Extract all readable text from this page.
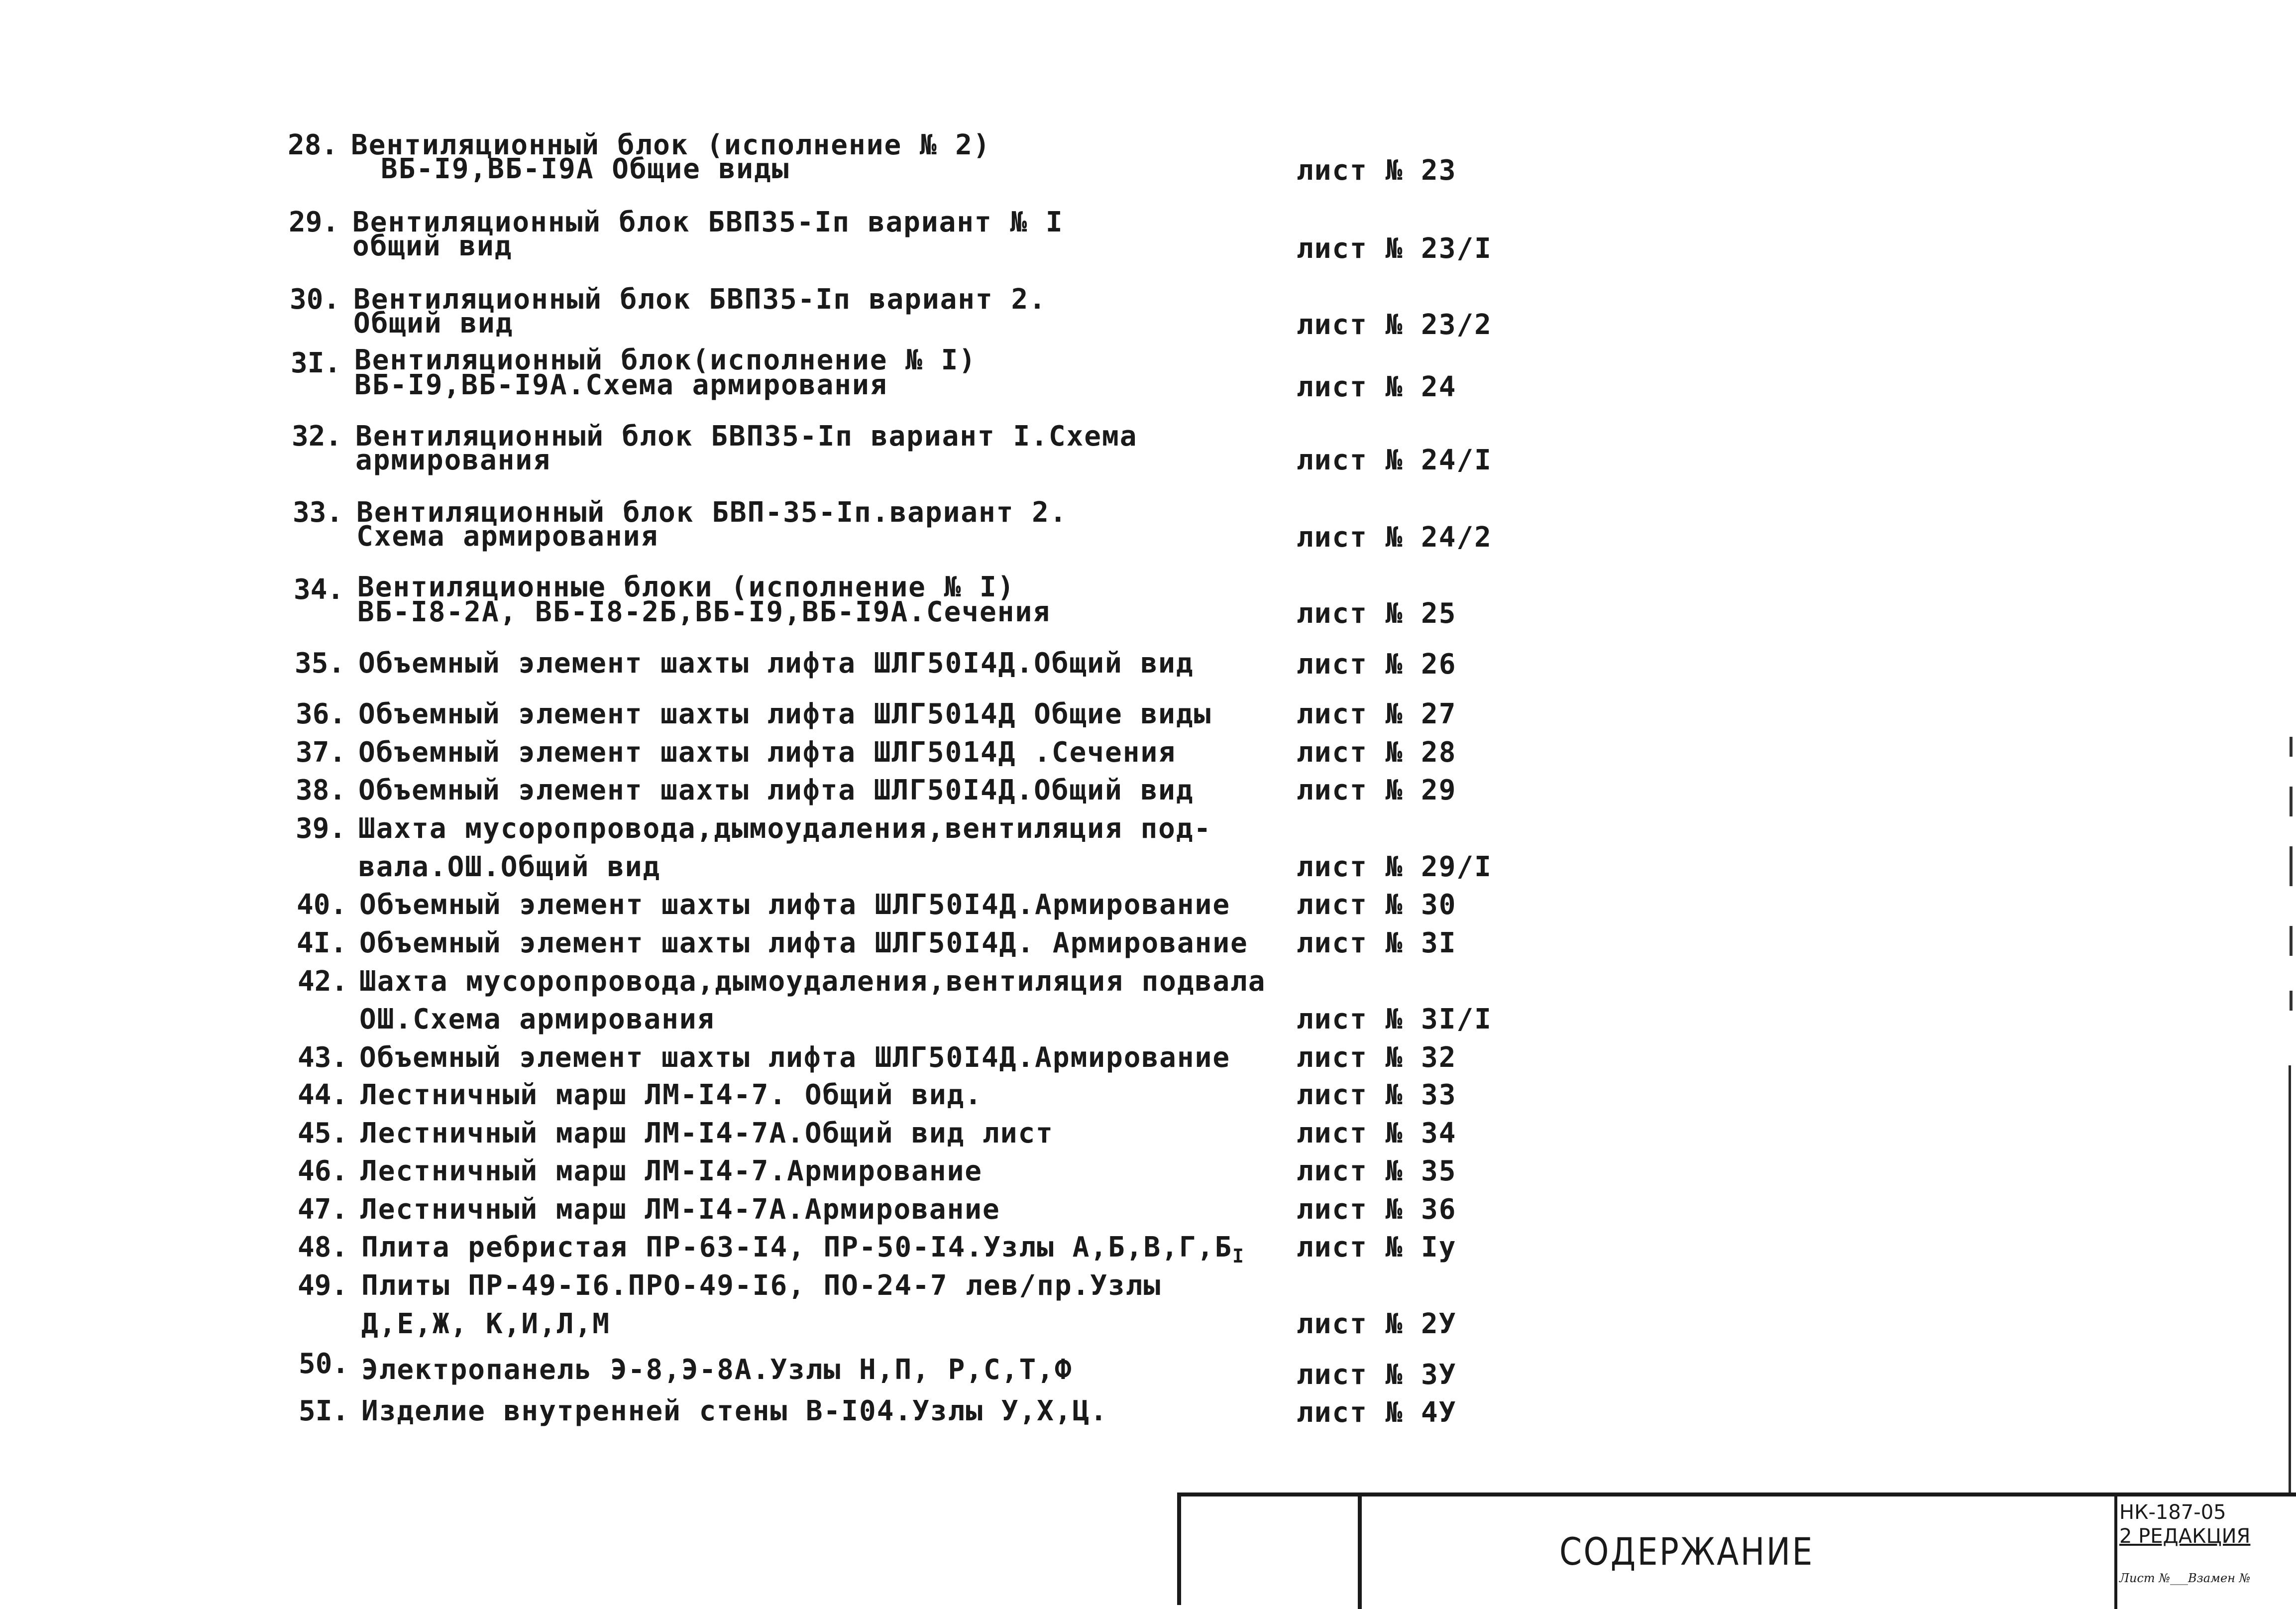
28. Вентиляционный блок (исполнение № 2)
ВБ-I9,ВБ-I9А Общие виды	лист № 23
29. Вентиляционный блок БВП35-Iп вариант № I
общий вид	лист № 23/I
30. Вентиляционный блок БВП35-Iп вариант 2.
Общий вид	лист № 23/2
3I. Вентиляционный блок(исполнение № I)
ВБ-I9,ВБ-I9А.Схема армирования	лист № 24
32. Вентиляционный блок БВП35-Iп вариант I.Схема
армирования	лист № 24/I
33. Вентиляционный блок БВП-35-Iп.вариант 2.
Схема армирования	лист № 24/2
34. Вентиляционные блоки (исполнение № I)
ВБ-I8-2А, ВБ-I8-2Б,ВБ-I9,ВБ-I9А.Сечения	лист № 25
35. Объемный элемент шахты лифта ШЛГ50I4Д.Общий вид	лист № 26
36. Объемный элемент шахты лифта ШЛГ5014Д Общие виды	лист № 27
37. Объемный элемент шахты лифта ШЛГ5014Д .Сечения	лист № 28
38. Объемный элемент шахты лифта ШЛГ50I4Д.Общий вид	лист № 29
39. Шахта мусоропровода,дымоудаления,вентиляция под-
вала.ОШ.Общий вид	лист № 29/I
40. Объемный элемент шахты лифта ШЛГ50I4Д.Армирование лист № 30
4I. Объемный элемент шахты лифта ШЛГ50I4Д. Армирование лист № 3I
42. Шахта мусоропровода,дымоудаления,вентиляция подвала
ОШ.Схема армирования	лист № 3I/I
43. Объемный элемент шахты лифта ШЛГ50I4Д.Армирование лист № 32
44. Лестничный марш ЛМ-I4-7. Общий вид.	лист № 33
45. Лестничный марш ЛМ-I4-7А.Общий вид лист	лист № 34
46. Лестничный марш ЛМ-I4-7.Армирование	лист № 35
47. Лестничный марш ЛМ-I4-7А.Армирование	лист № 36
48. Плита ребристая ПР-63-I4, ПР-50-I4.Узлы $А,Б,В,Г,Б_I$ лист № Iу
49. Плиты ПР-49-I6.ПРО-49-I6, ПО-24-7 лев/пр.Узлы
Д,Е,Ж, К,И,Л,М	лист № 2У
50. Электропанель Э-8,Э-8А.Узлы Н,П, Р,С,Т,Ф	лист № 3У
5I. Изделие внутренней стены В-I04.Узлы У,Х,Ц.	лист № 4У
СОДЕРЖАНИЕ
НК-187-05
2 РЕДАКЦИЯ
Лист №___Взамен №
